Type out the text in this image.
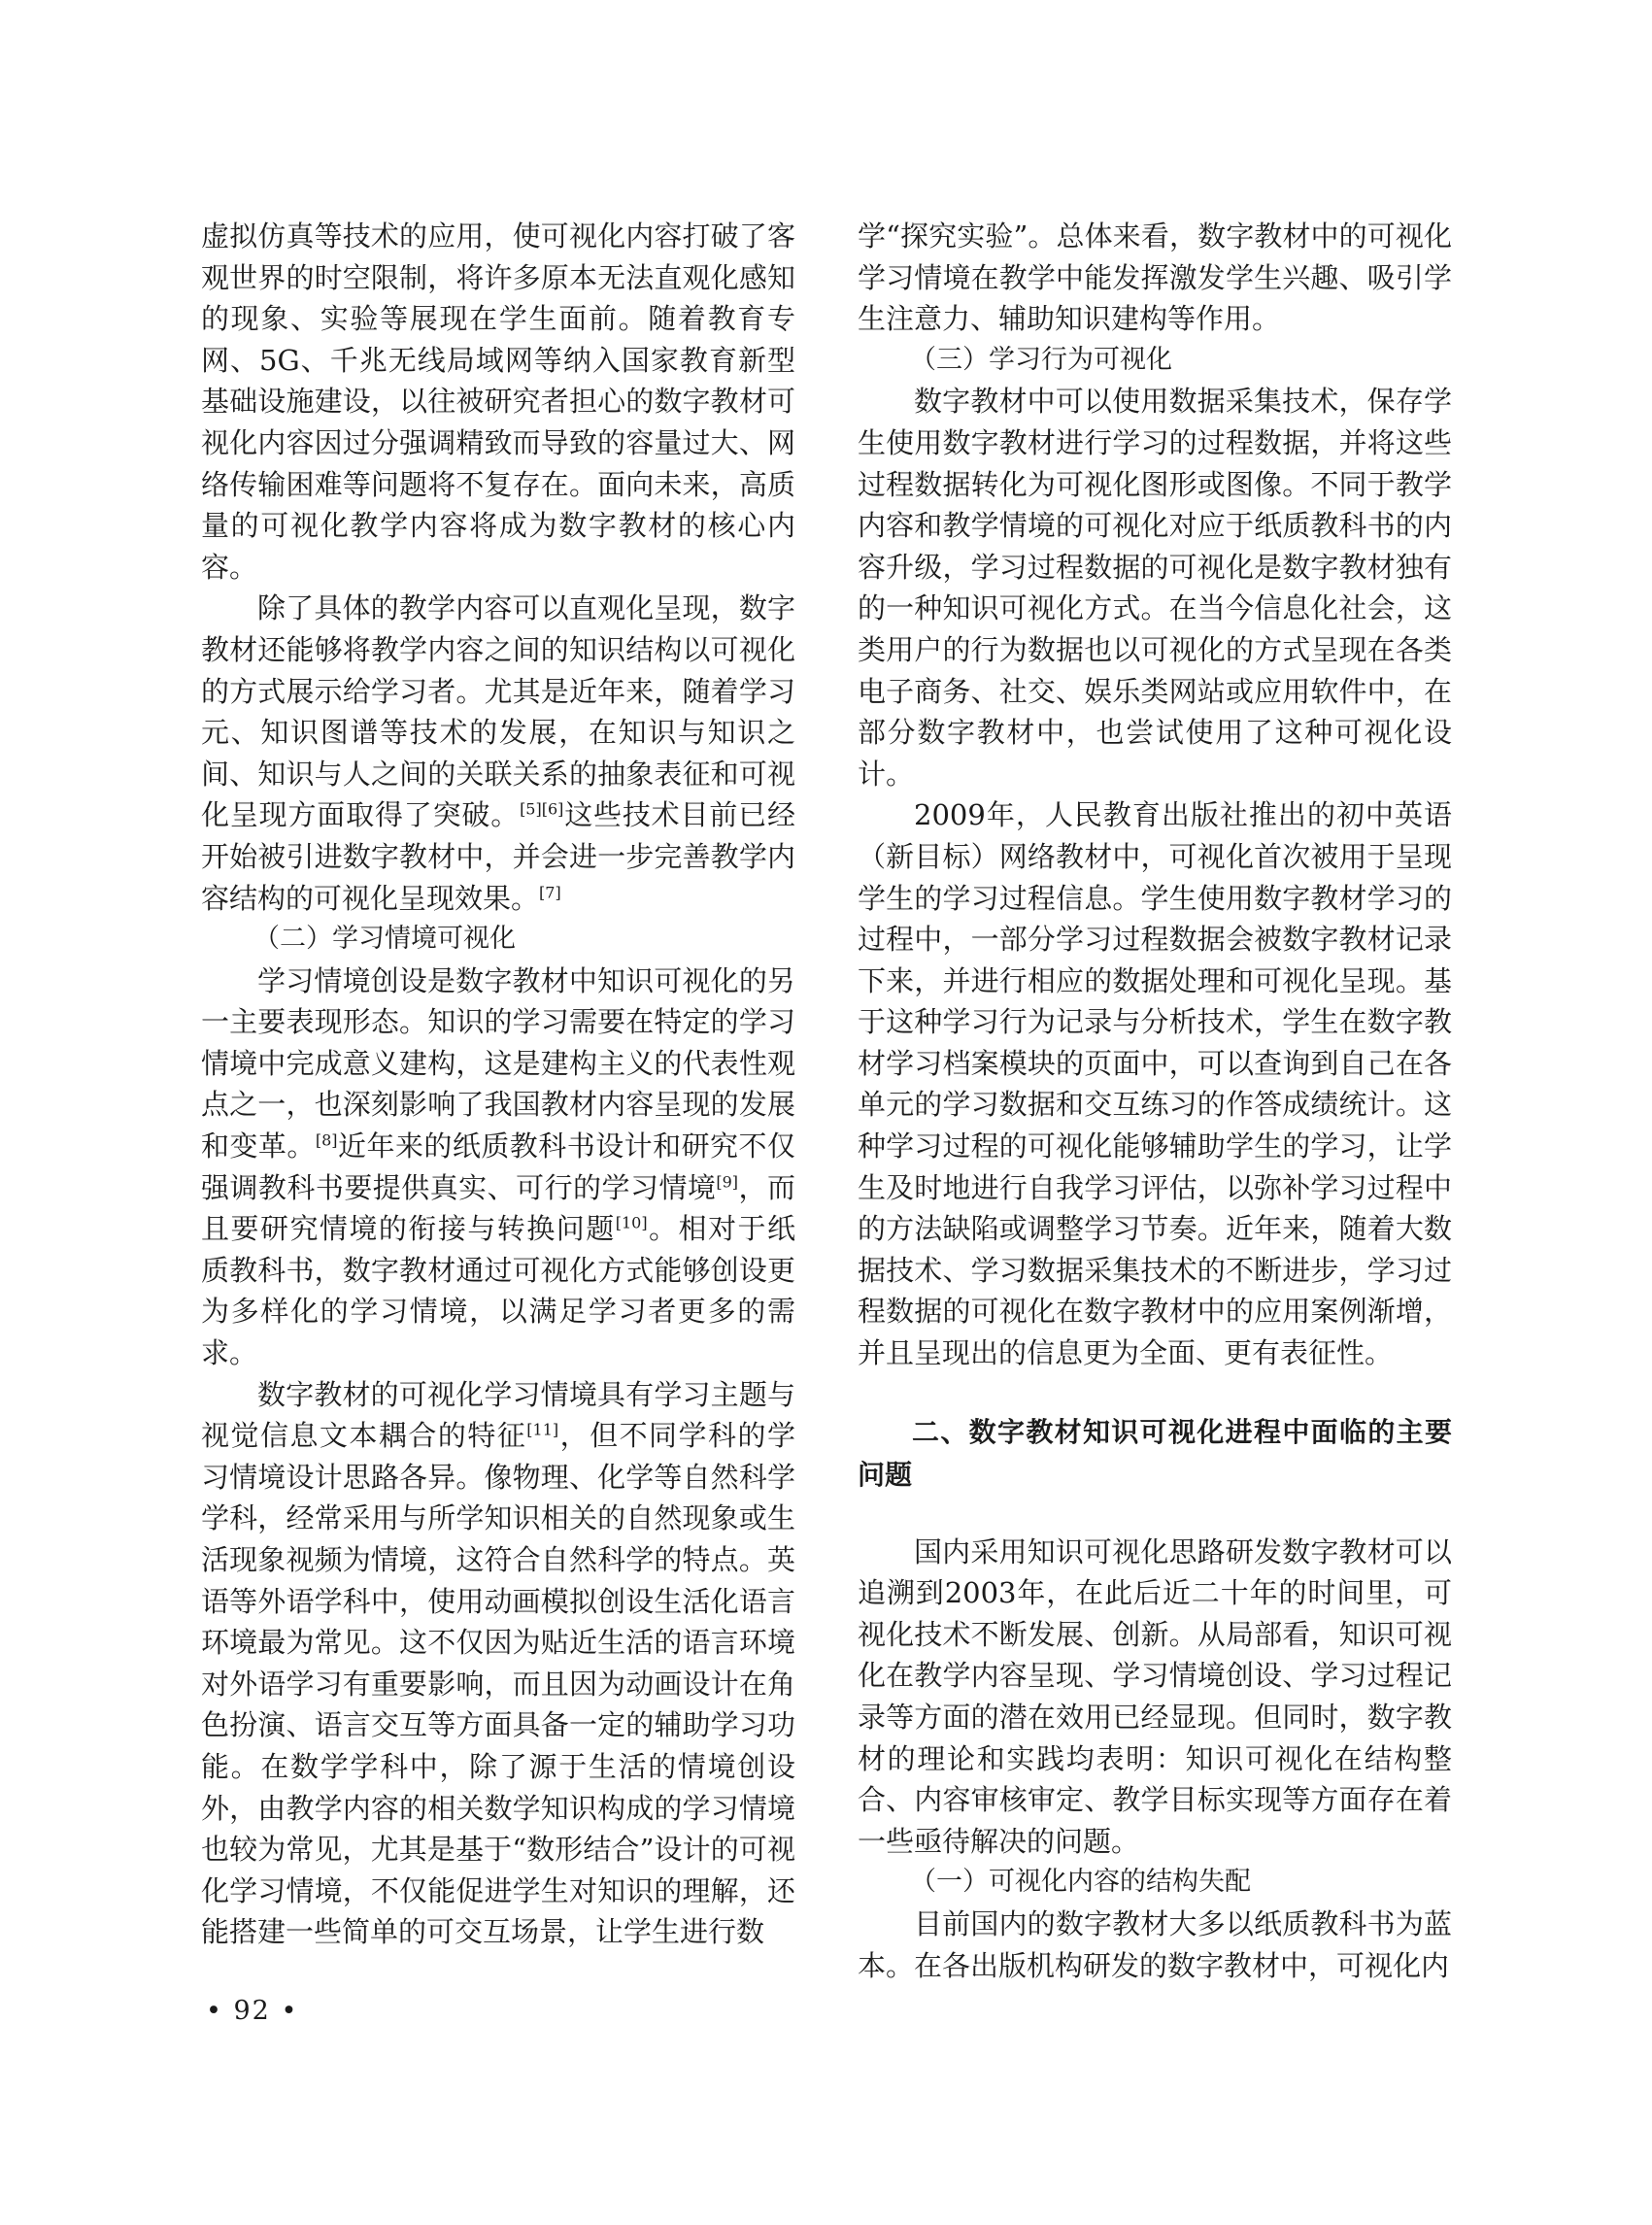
虚拟仿真等技术的应用，使可视化内容打破了客观世界的时空限制，将许多原本无法直观化感知的现象、实验等展现在学生面前。随着教育专网、5G、千兆无线局域网等纳入国家教育新型基础设施建设，以往被研究者担心的数字教材可视化内容因过分强调精致而导致的容量过大、网络传输困难等问题将不复存在。面向未来，高质量的可视化教学内容将成为数字教材的核心内容。

除了具体的教学内容可以直观化呈现，数字教材还能够将教学内容之间的知识结构以可视化的方式展示给学习者。尤其是近年来，随着学习元、知识图谱等技术的发展，在知识与知识之间、知识与人之间的关联关系的抽象表征和可视化呈现方面取得了突破。[5][6]这些技术目前已经开始被引进数字教材中，并会进一步完善教学内容结构的可视化呈现效果。[7]

（二）学习情境可视化

学习情境创设是数字教材中知识可视化的另一主要表现形态。知识的学习需要在特定的学习情境中完成意义建构，这是建构主义的代表性观点之一，也深刻影响了我国教材内容呈现的发展和变革。[8]近年来的纸质教科书设计和研究不仅强调教科书要提供真实、可行的学习情境[9]，而且要研究情境的衔接与转换问题[10]。相对于纸质教科书，数字教材通过可视化方式能够创设更为多样化的学习情境，以满足学习者更多的需求。

数字教材的可视化学习情境具有学习主题与视觉信息文本耦合的特征[11]，但不同学科的学习情境设计思路各异。像物理、化学等自然科学学科，经常采用与所学知识相关的自然现象或生活现象视频为情境，这符合自然科学的特点。英语等外语学科中，使用动画模拟创设生活化语言环境最为常见。这不仅因为贴近生活的语言环境对外语学习有重要影响，而且因为动画设计在角色扮演、语言交互等方面具备一定的辅助学习功能。在数学学科中，除了源于生活的情境创设外，由教学内容的相关数学知识构成的学习情境也较为常见，尤其是基于“数形结合”设计的可视化学习情境，不仅能促进学生对知识的理解，还能搭建一些简单的可交互场景，让学生进行数

学“探究实验”。总体来看，数字教材中的可视化学习情境在教学中能发挥激发学生兴趣、吸引学生注意力、辅助知识建构等作用。

（三）学习行为可视化

数字教材中可以使用数据采集技术，保存学生使用数字教材进行学习的过程数据，并将这些过程数据转化为可视化图形或图像。不同于教学内容和教学情境的可视化对应于纸质教科书的内容升级，学习过程数据的可视化是数字教材独有的一种知识可视化方式。在当今信息化社会，这类用户的行为数据也以可视化的方式呈现在各类电子商务、社交、娱乐类网站或应用软件中，在部分数字教材中，也尝试使用了这种可视化设计。

2009年，人民教育出版社推出的初中英语（新目标）网络教材中，可视化首次被用于呈现学生的学习过程信息。学生使用数字教材学习的过程中，一部分学习过程数据会被数字教材记录下来，并进行相应的数据处理和可视化呈现。基于这种学习行为记录与分析技术，学生在数字教材学习档案模块的页面中，可以查询到自己在各单元的学习数据和交互练习的作答成绩统计。这种学习过程的可视化能够辅助学生的学习，让学生及时地进行自我学习评估，以弥补学习过程中的方法缺陷或调整学习节奏。近年来，随着大数据技术、学习数据采集技术的不断进步，学习过程数据的可视化在数字教材中的应用案例渐增，并且呈现出的信息更为全面、更有表征性。

二、数字教材知识可视化进程中面临的主要问题

国内采用知识可视化思路研发数字教材可以追溯到2003年，在此后近二十年的时间里，可视化技术不断发展、创新。从局部看，知识可视化在教学内容呈现、学习情境创设、学习过程记录等方面的潜在效用已经显现。但同时，数字教材的理论和实践均表明：知识可视化在结构整合、内容审核审定、教学目标实现等方面存在着一些亟待解决的问题。

（一）可视化内容的结构失配

目前国内的数字教材大多以纸质教科书为蓝本。在各出版机构研发的数字教材中，可视化内

• 92 •
